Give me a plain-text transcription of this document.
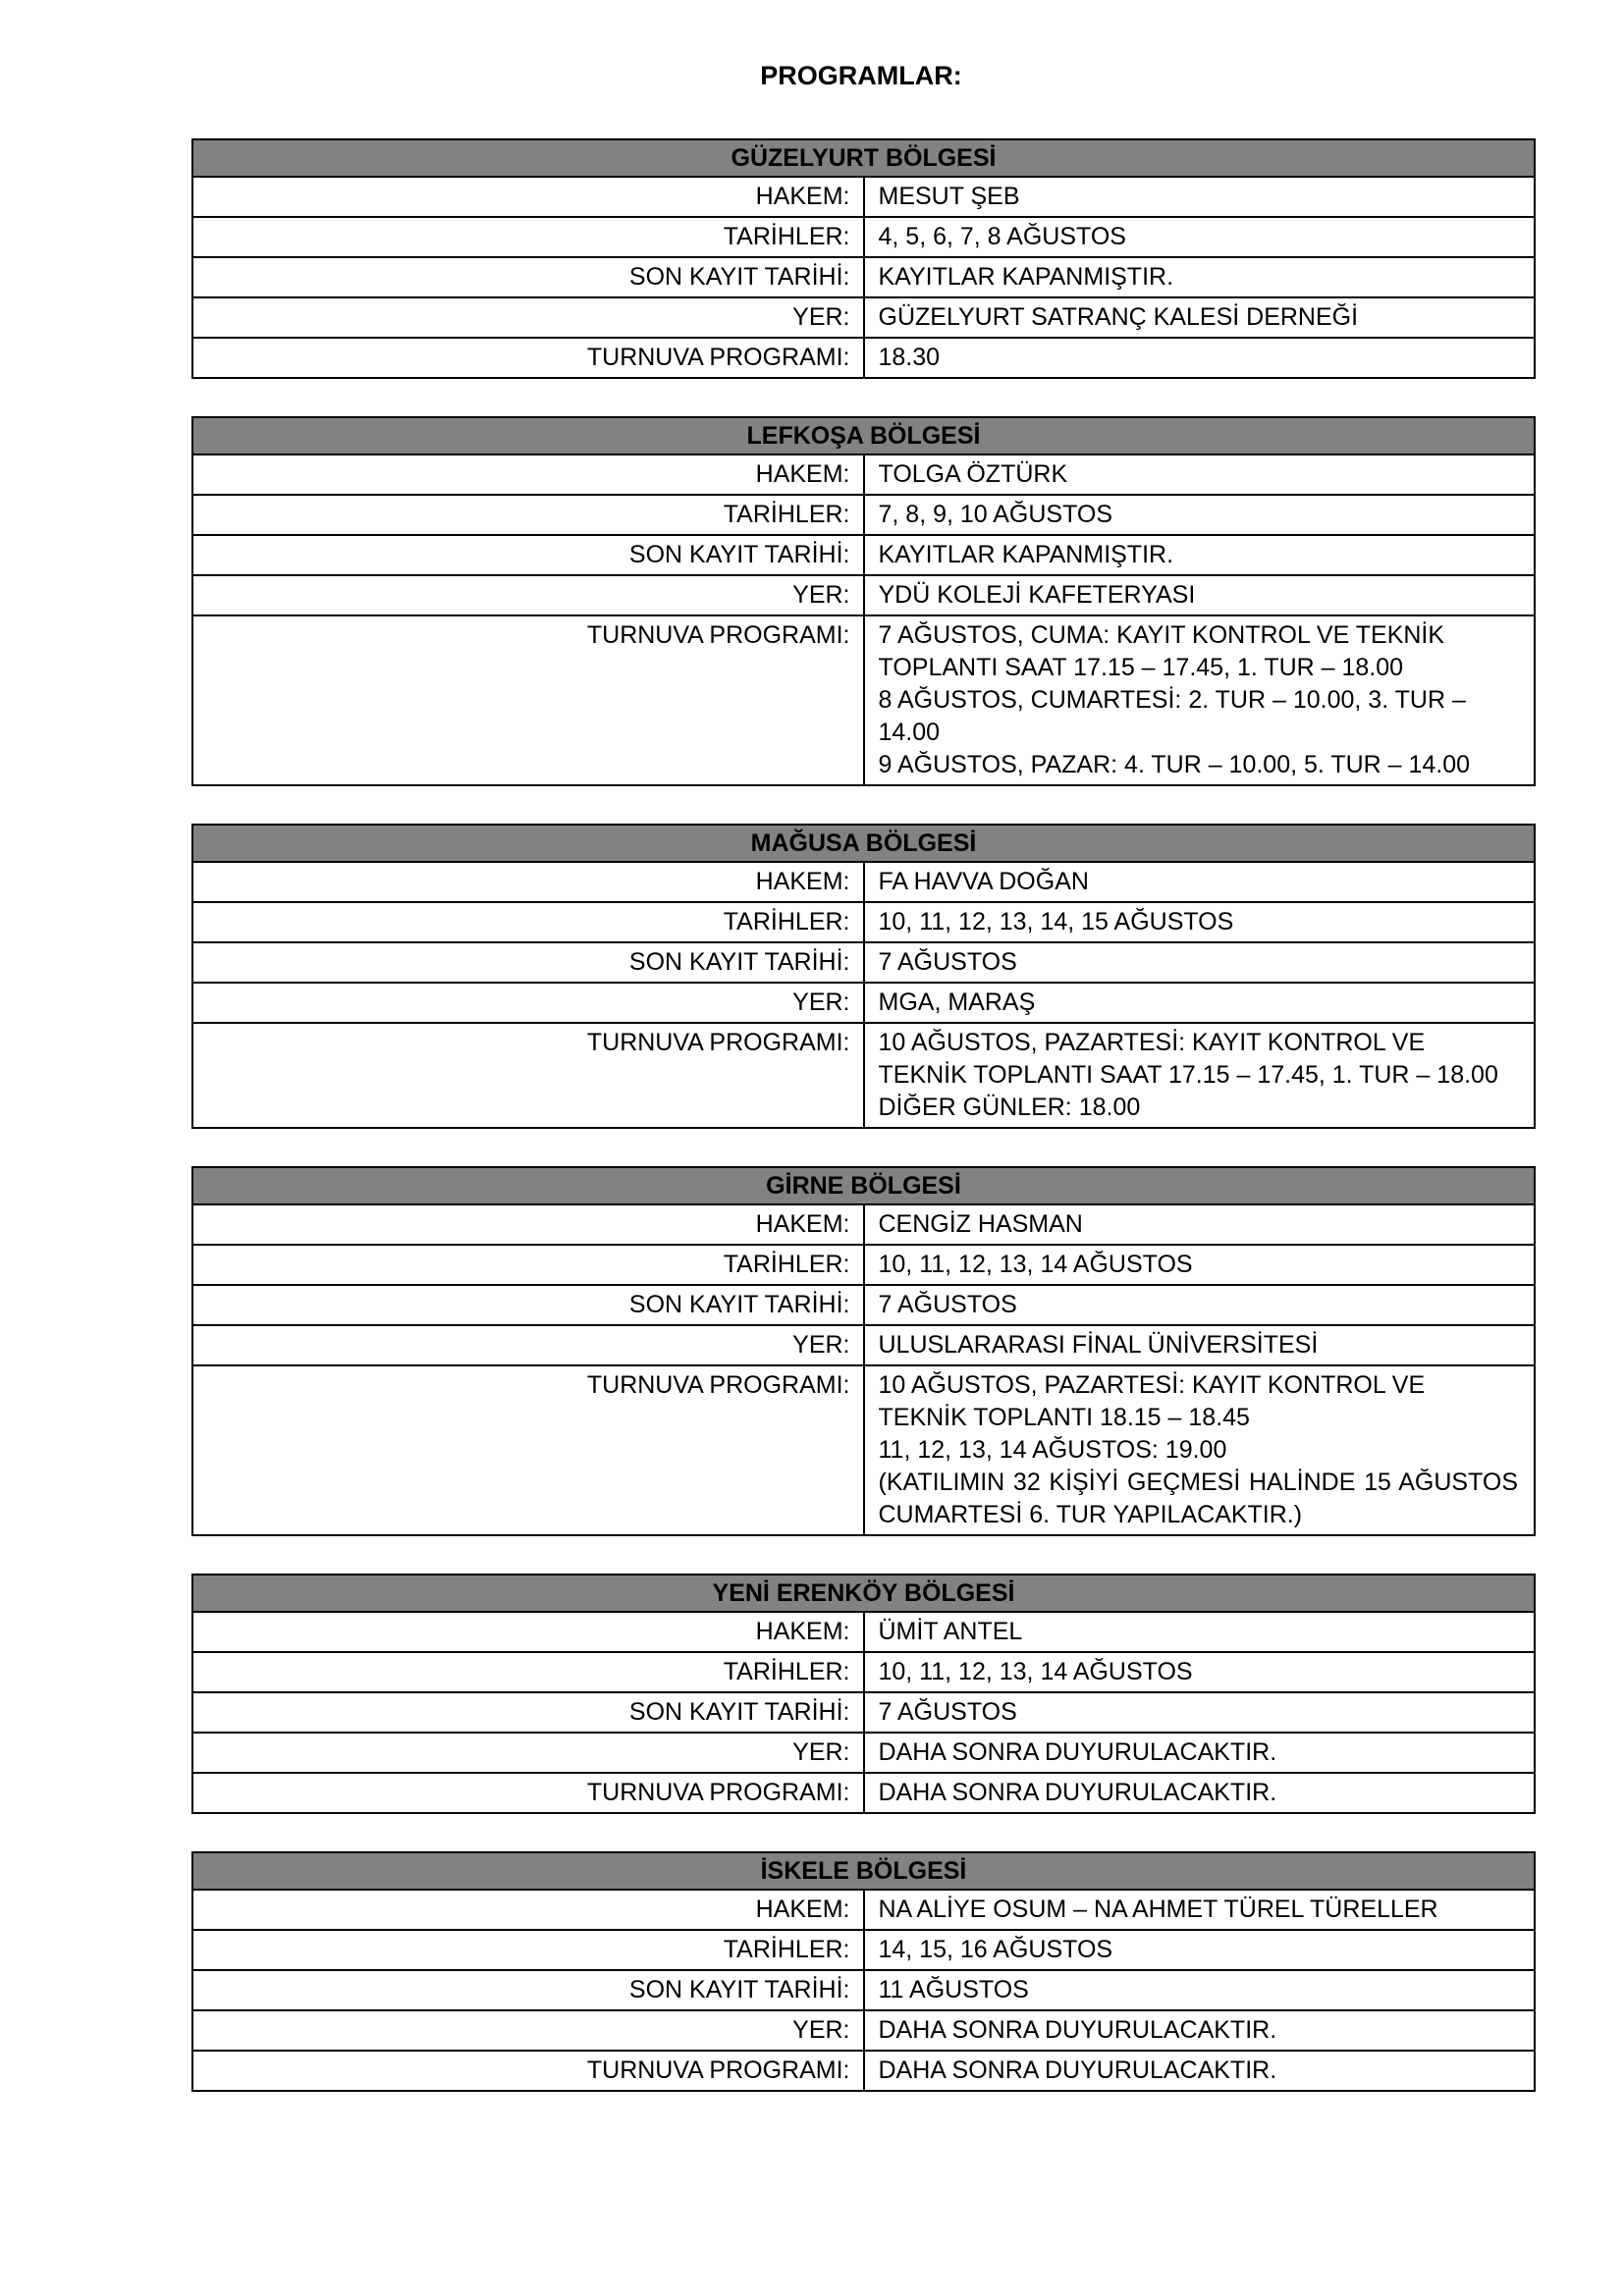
PROGRAMLAR:
GÜZELYURT BÖLGESİ	
HAKEM:	MESUT ŞEB

TARİHLER:	4, 5, 6, 7, 8 AĞUSTOS

SON KAYIT TARİHİ:	KAYITLAR KAPANMIŞTIR.

YER:	GÜZELYURT SATRANÇ KALESİ DERNEĞİ

TURNUVA PROGRAMI:	18.30
LEFKOŞA BÖLGESİ	
HAKEM:	TOLGA ÖZTÜRK

TARİHLER:	7, 8, 9, 10 AĞUSTOS

SON KAYIT TARİHİ:	KAYITLAR KAPANMIŞTIR.

YER:	YDÜ KOLEJİ KAFETERYASI

TURNUVA PROGRAMI:	7 AĞUSTOS, CUMA: KAYIT KONTROL VE TEKNİK TOPLANTI SAAT 17.15 – 17.45, 1. TUR – 18.00
8 AĞUSTOS, CUMARTESİ: 2. TUR – 10.00, 3. TUR – 14.00
9 AĞUSTOS, PAZAR: 4. TUR – 10.00, 5. TUR – 14.00
MAĞUSA BÖLGESİ	
HAKEM:	FA HAVVA DOĞAN

TARİHLER:	10, 11, 12, 13, 14, 15 AĞUSTOS

SON KAYIT TARİHİ:	7 AĞUSTOS

YER:	MGA, MARAŞ

TURNUVA PROGRAMI:	10 AĞUSTOS, PAZARTESİ: KAYIT KONTROL VE TEKNİK TOPLANTI SAAT 17.15 – 17.45, 1. TUR – 18.00
DİĞER GÜNLER: 18.00
GİRNE BÖLGESİ	
HAKEM:	CENGİZ HASMAN

TARİHLER:	10, 11, 12, 13, 14 AĞUSTOS

SON KAYIT TARİHİ:	7 AĞUSTOS

YER:	ULUSLARARASI FİNAL ÜNİVERSİTESİ

TURNUVA PROGRAMI:	10 AĞUSTOS, PAZARTESİ: KAYIT KONTROL VE TEKNİK TOPLANTI 18.15 – 18.45
11, 12, 13, 14 AĞUSTOS: 19.00
(KATILIMIN 32 KİŞİYİ GEÇMESİ HALİNDE 15 AĞUSTOS CUMARTESİ 6. TUR YAPILACAKTIR.)
YENİ ERENKÖY BÖLGESİ	
HAKEM:	ÜMİT ANTEL

TARİHLER:	10, 11, 12, 13, 14 AĞUSTOS

SON KAYIT TARİHİ:	7 AĞUSTOS

YER:	DAHA SONRA DUYURULACAKTIR.

TURNUVA PROGRAMI:	DAHA SONRA DUYURULACAKTIR.
İSKELE BÖLGESİ	
HAKEM:	NA ALİYE OSUM – NA AHMET TÜREL TÜRELLER

TARİHLER:	14, 15, 16 AĞUSTOS

SON KAYIT TARİHİ:	11 AĞUSTOS

YER:	DAHA SONRA DUYURULACAKTIR.

TURNUVA PROGRAMI:	DAHA SONRA DUYURULACAKTIR.
